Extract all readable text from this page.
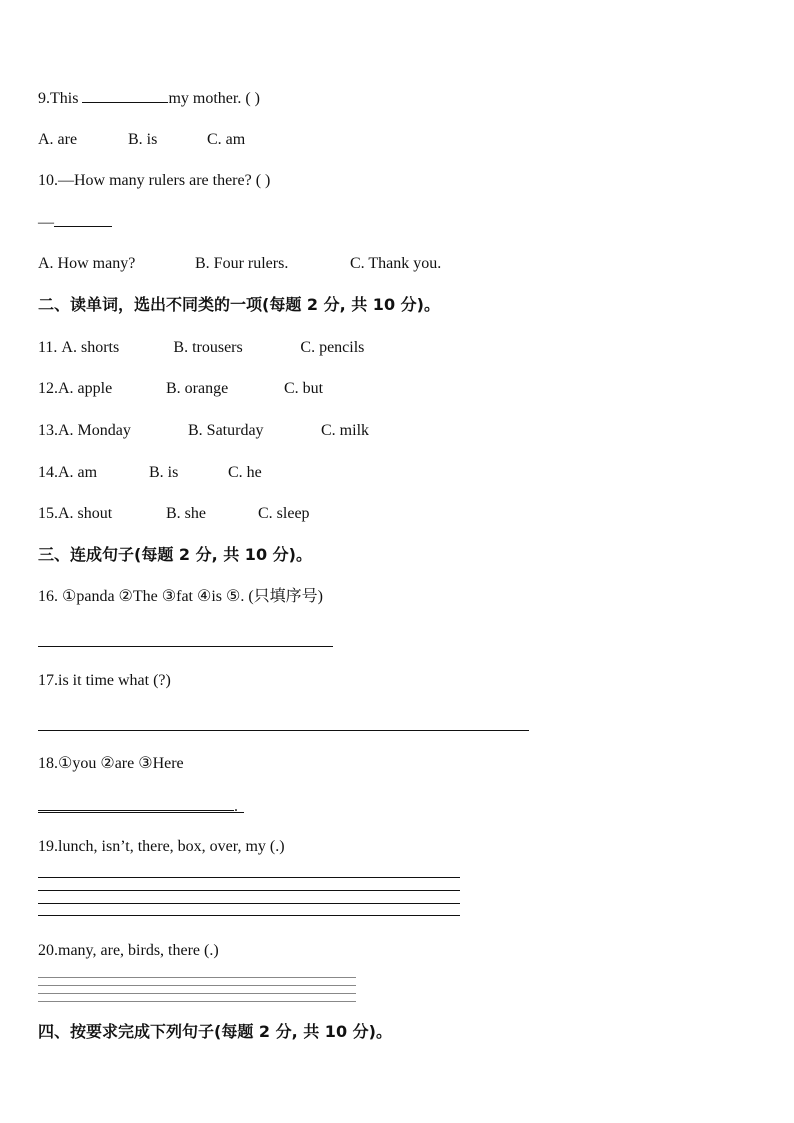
9.This	my mother. ( )
A. are	B. is	C. am
10.—How many rulers are there? ( )
—
A. How many?	B. Four rulers.	C. Thank you.
二、读单词，选出不同类的一项(每题 2 分, 共 10 分)。
11. A. shorts	B. trousers	C. pencils
12.A. apple	B. orange	C. but
13.A. Monday	B. Saturday	C. milk
14.A. am	B. is	C. he
15.A. shout	B. she	C. sleep
三、连成句子(每题 2 分, 共 10 分)。
16. ①panda ②The ③fat ④is ⑤. (只填序号)
17.is it time what (?)
18.①you ②are ③Here
.
19.lunch, isn’t, there, box, over, my (.)
20.many, are, birds, there (.)
四、按要求完成下列句子(每题 2 分, 共 10 分)。
